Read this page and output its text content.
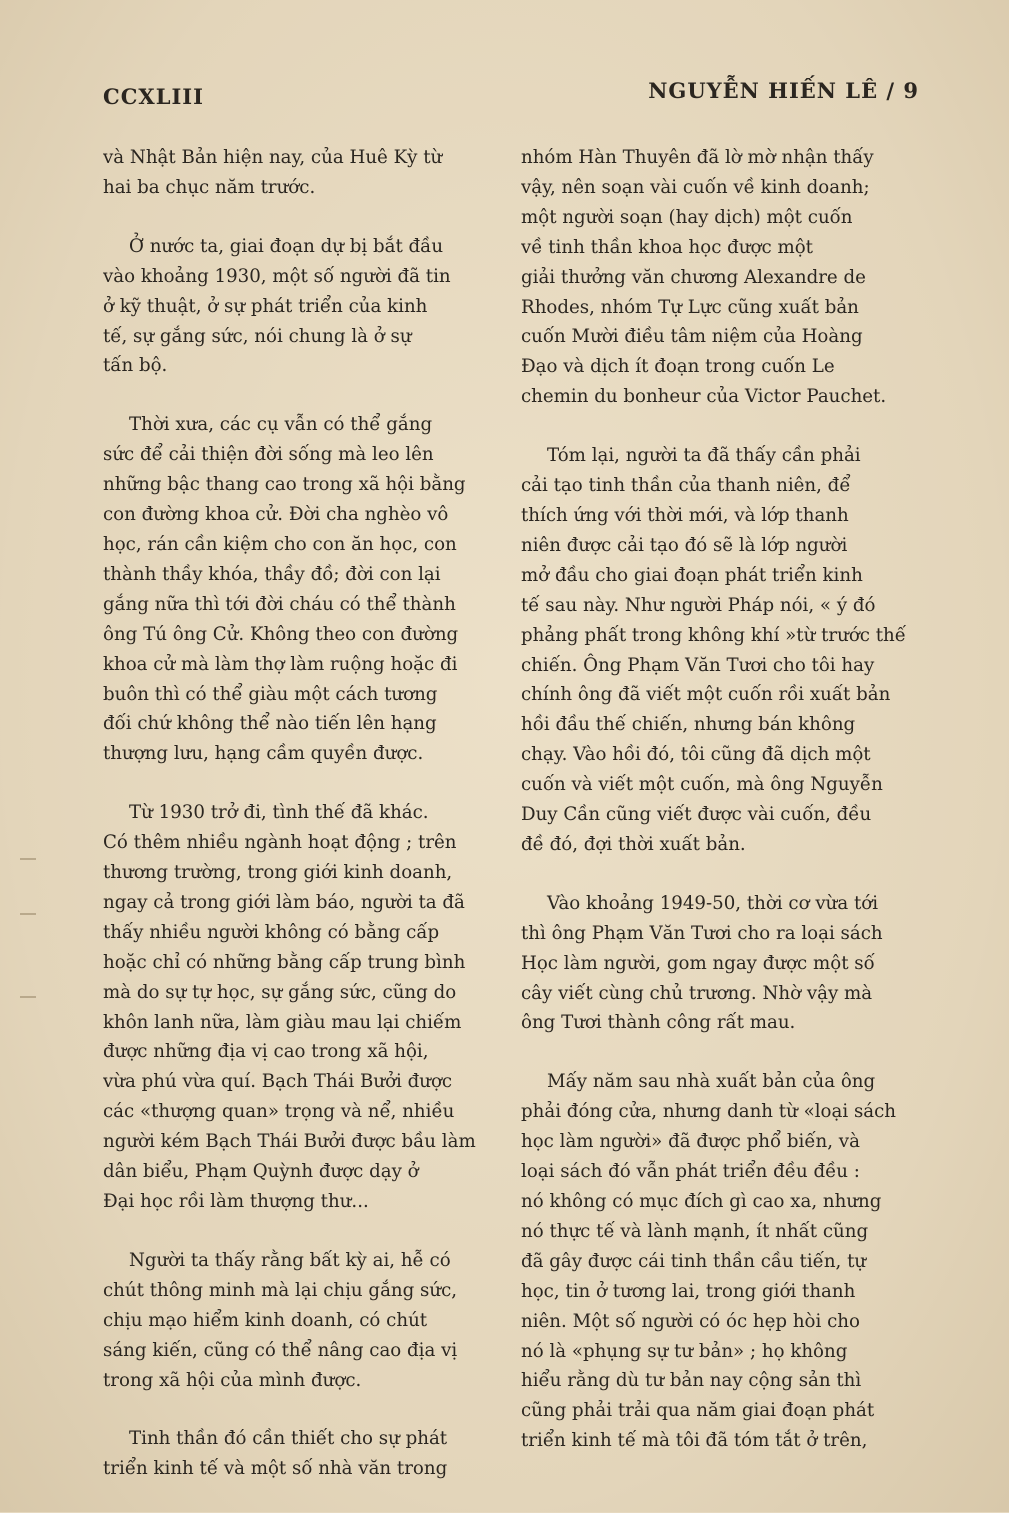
CCXLIII	NGUYỄN HIẾN LÊ / 9
và Nhật Bản hiện nay, của Huê Kỳ từ
hai ba chục năm trước.
Ở nước ta, giai đoạn dự bị bắt đầu
vào khoảng 1930, một số người đã tin
ở kỹ thuật, ở sự phát triển của kinh
tế, sự gắng sức, nói chung là ở sự
tấn bộ.
Thời xưa, các cụ vẫn có thể gắng
sức để cải thiện đời sống mà leo lên
những bậc thang cao trong xã hội bằng
con đường khoa cử. Đời cha nghèo vô
học, rán cần kiệm cho con ăn học, con
thành thầy khóa, thầy đồ; đời con lại
gắng nữa thì tới đời cháu có thể thành
ông Tú ông Cử. Không theo con đường
khoa cử mà làm thợ làm ruộng hoặc đi
buôn thì có thể giàu một cách tương
đối chứ không thể nào tiến lên hạng
thượng lưu, hạng cầm quyền được.
Từ 1930 trở đi, tình thế đã khác.
Có thêm nhiều ngành hoạt động ; trên
thương trường, trong giới kinh doanh,
ngay cả trong giới làm báo, người ta đã
thấy nhiều người không có bằng cấp
hoặc chỉ có những bằng cấp trung bình
mà do sự tự học, sự gắng sức, cũng do
khôn lanh nữa, làm giàu mau lại chiếm
được những địa vị cao trong xã hội,
vừa phú vừa quí. Bạch Thái Bưởi được
các «thượng quan» trọng và nể, nhiều
người kém Bạch Thái Bưởi được bầu làm
dân biểu, Phạm Quỳnh được dạy ở
Đại học rồi làm thượng thư...
Người ta thấy rằng bất kỳ ai, hễ có
chút thông minh mà lại chịu gắng sức,
chịu mạo hiểm kinh doanh, có chút
sáng kiến, cũng có thể nâng cao địa vị
trong xã hội của mình được.
Tinh thần đó cần thiết cho sự phát
triển kinh tế và một số nhà văn trong
nhóm Hàn Thuyên đã lờ mờ nhận thấy
vậy, nên soạn vài cuốn về kinh doanh;
một người soạn (hay dịch) một cuốn
về tinh thần khoa học được một
giải thưởng văn chương Alexandre de
Rhodes, nhóm Tự Lực cũng xuất bản
cuốn Mười điều tâm niệm của Hoàng
Đạo và dịch ít đoạn trong cuốn Le
chemin du bonheur của Victor Pauchet.
Tóm lại, người ta đã thấy cần phải
cải tạo tinh thần của thanh niên, để
thích ứng với thời mới, và lớp thanh
niên được cải tạo đó sẽ là lớp người
mở đầu cho giai đoạn phát triển kinh
tế sau này. Như người Pháp nói, « ý đó
phảng phất trong không khí »từ trước thế
chiến. Ông Phạm Văn Tươi cho tôi hay
chính ông đã viết một cuốn rồi xuất bản
hồi đầu thế chiến, nhưng bán không
chạy. Vào hồi đó, tôi cũng đã dịch một
cuốn và viết một cuốn, mà ông Nguyễn
Duy Cần cũng viết được vài cuốn, đều
đề đó, đợi thời xuất bản.
Vào khoảng 1949-50, thời cơ vừa tới
thì ông Phạm Văn Tươi cho ra loại sách
Học làm người, gom ngay được một số
cây viết cùng chủ trương. Nhờ vậy mà
ông Tươi thành công rất mau.
Mấy năm sau nhà xuất bản của ông
phải đóng cửa, nhưng danh từ «loại sách
học làm người» đã được phổ biến, và
loại sách đó vẫn phát triển đều đều :
nó không có mục đích gì cao xa, nhưng
nó thực tế và lành mạnh, ít nhất cũng
đã gây được cái tinh thần cầu tiến, tự
học, tin ở tương lai, trong giới thanh
niên. Một số người có óc hẹp hòi cho
nó là «phụng sự tư bản» ; họ không
hiểu rằng dù tư bản nay cộng sản thì
cũng phải trải qua năm giai đoạn phát
triển kinh tế mà tôi đã tóm tắt ở trên,
